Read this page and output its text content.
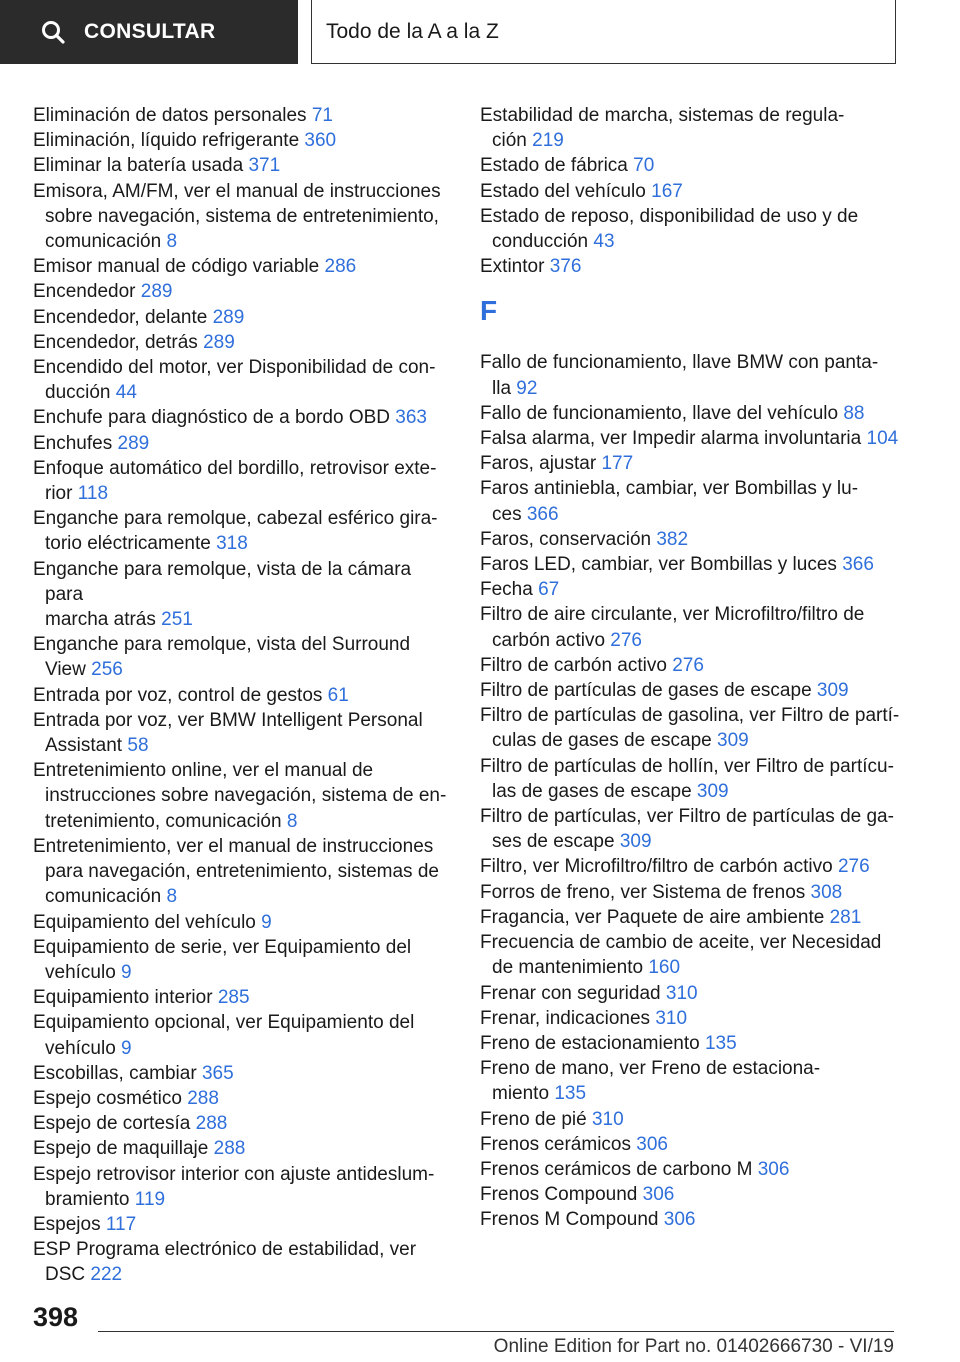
CONSULTAR	Todo de la A a la Z
Eliminación de datos personales 71
Eliminación, líquido refrigerante 360
Eliminar la batería usada 371
Emisora, AM/FM, ver el manual de instrucciones
sobre navegación, sistema de entretenimiento,
comunicación 8
Emisor manual de código variable 286
Encendedor 289
Encendedor, delante 289
Encendedor, detrás 289
Encendido del motor, ver Disponibilidad de con-
ducción 44
Enchufe para diagnóstico de a bordo OBD 363
Enchufes 289
Enfoque automático del bordillo, retrovisor exte-
rior 118
Enganche para remolque, cabezal esférico gira-
torio eléctricamente 318
Enganche para remolque, vista de la cámara para
marcha atrás 251
Enganche para remolque, vista del Surround
View 256
Entrada por voz, control de gestos 61
Entrada por voz, ver BMW Intelligent Personal
Assistant 58
Entretenimiento online, ver el manual de
instrucciones sobre navegación, sistema de en-
tretenimiento, comunicación 8
Entretenimiento, ver el manual de instrucciones
para navegación, entretenimiento, sistemas de
comunicación 8
Equipamiento del vehículo 9
Equipamiento de serie, ver Equipamiento del
vehículo 9
Equipamiento interior 285
Equipamiento opcional, ver Equipamiento del
vehículo 9
Escobillas, cambiar 365
Espejo cosmético 288
Espejo de cortesía 288
Espejo de maquillaje 288
Espejo retrovisor interior con ajuste antideslum-
bramiento 119
Espejos 117
ESP Programa electrónico de estabilidad, ver
DSC 222
Estabilidad de marcha, sistemas de regula-
ción 219
Estado de fábrica 70
Estado del vehículo 167
Estado de reposo, disponibilidad de uso y de
conducción 43
Extintor 376
F
Fallo de funcionamiento, llave BMW con panta-
lla 92
Fallo de funcionamiento, llave del vehículo 88
Falsa alarma, ver Impedir alarma involuntaria 104
Faros, ajustar 177
Faros antiniebla, cambiar, ver Bombillas y lu-
ces 366
Faros, conservación 382
Faros LED, cambiar, ver Bombillas y luces 366
Fecha 67
Filtro de aire circulante, ver Microfiltro/filtro de
carbón activo 276
Filtro de carbón activo 276
Filtro de partículas de gases de escape 309
Filtro de partículas de gasolina, ver Filtro de partí-
culas de gases de escape 309
Filtro de partículas de hollín, ver Filtro de partícu-
las de gases de escape 309
Filtro de partículas, ver Filtro de partículas de ga-
ses de escape 309
Filtro, ver Microfiltro/filtro de carbón activo 276
Forros de freno, ver Sistema de frenos 308
Fragancia, ver Paquete de aire ambiente 281
Frecuencia de cambio de aceite, ver Necesidad
de mantenimiento 160
Frenar con seguridad 310
Frenar, indicaciones 310
Freno de estacionamiento 135
Freno de mano, ver Freno de estaciona-
miento 135
Freno de pié 310
Frenos cerámicos 306
Frenos cerámicos de carbono M 306
Frenos Compound 306
Frenos M Compound 306
398
Online Edition for Part no. 01402666730 - VI/19
